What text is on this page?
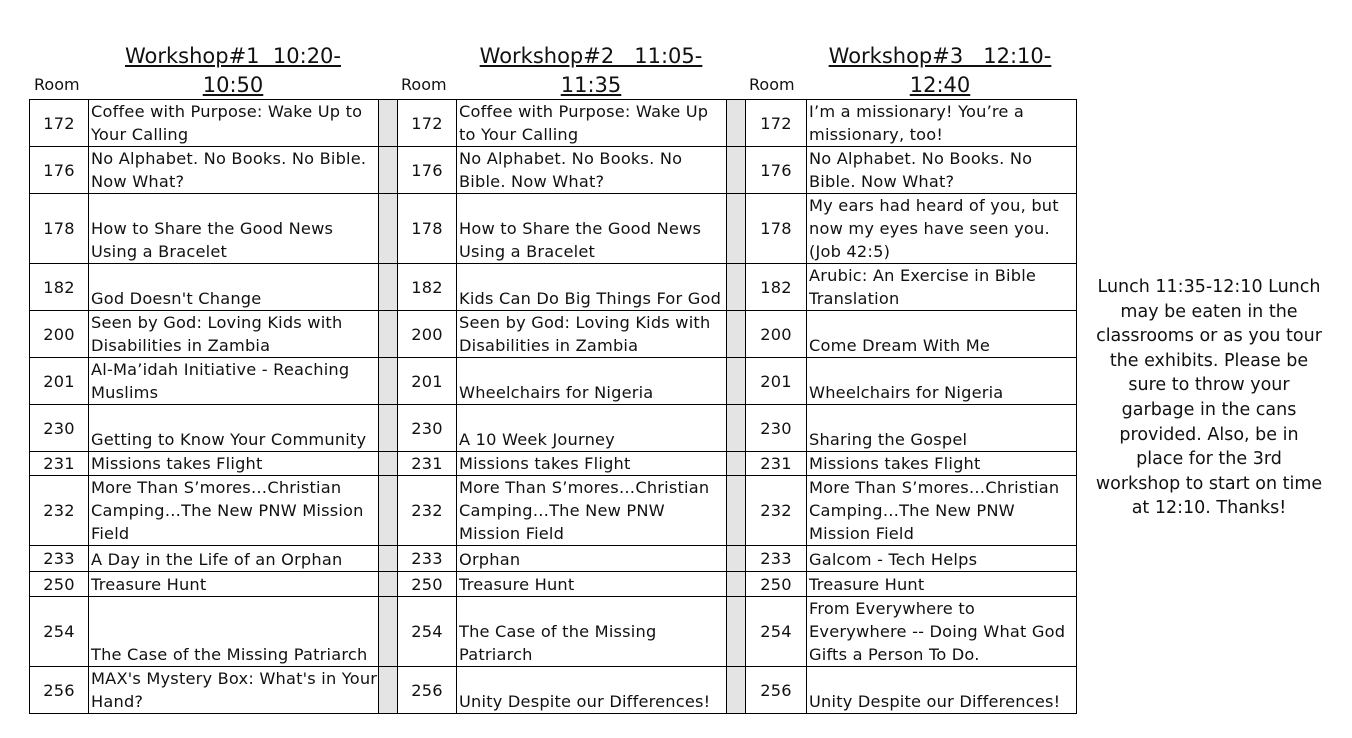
Workshop#1  10:20-
10:50
Workshop#2   11:05-
11:35
Workshop#3   12:10-
12:40
Room	Room	Room
172	Coffee with Purpose: Wake Up to Your Calling		172	Coffee with Purpose: Wake Up to Your Calling		172	I’m a missionary! You’re a missionary, too!
176	No Alphabet. No Books. No Bible. Now What?		176	No Alphabet. No Books. No Bible. Now What?		176	No Alphabet. No Books. No Bible. Now What?
178	How to Share the Good News Using a Bracelet		178	How to Share the Good News Using a Bracelet		178	My ears had heard of you, but now my eyes have seen you. (Job 42:5)
182	God Doesn't Change		182	Kids Can Do Big Things For God		182	Arubic: An Exercise in Bible Translation
200	Seen by God: Loving Kids with Disabilities in Zambia		200	Seen by God: Loving Kids with Disabilities in Zambia		200	Come Dream With Me
201	Al-Ma’idah Initiative - Reaching Muslims		201	Wheelchairs for Nigeria		201	Wheelchairs for Nigeria
230	Getting to Know Your Community		230	A 10 Week Journey		230	Sharing the Gospel
231	Missions takes Flight		231	Missions takes Flight		231	Missions takes Flight
232	More Than S’mores…Christian Camping…The New PNW Mission Field		232	More Than S’mores…Christian Camping…The New PNW Mission Field		232	More Than S’mores…Christian Camping…The New PNW Mission Field
233	A Day in the Life of an Orphan		233	Orphan		233	Galcom - Tech Helps
250	Treasure Hunt		250	Treasure Hunt		250	Treasure Hunt
254	The Case of the Missing Patriarch		254	The Case of the Missing Patriarch		254	From Everywhere to Everywhere -- Doing What God Gifts a Person To Do.
256	MAX's Mystery Box: What's in Your Hand?		256	Unity Despite our Differences!		256	Unity Despite our Differences!
Lunch 11:35-12:10 Lunch may be eaten in the classrooms or as you tour the exhibits. Please be sure to throw your garbage in the cans provided. Also, be in place for the 3rd workshop to start on time at 12:10. Thanks!
